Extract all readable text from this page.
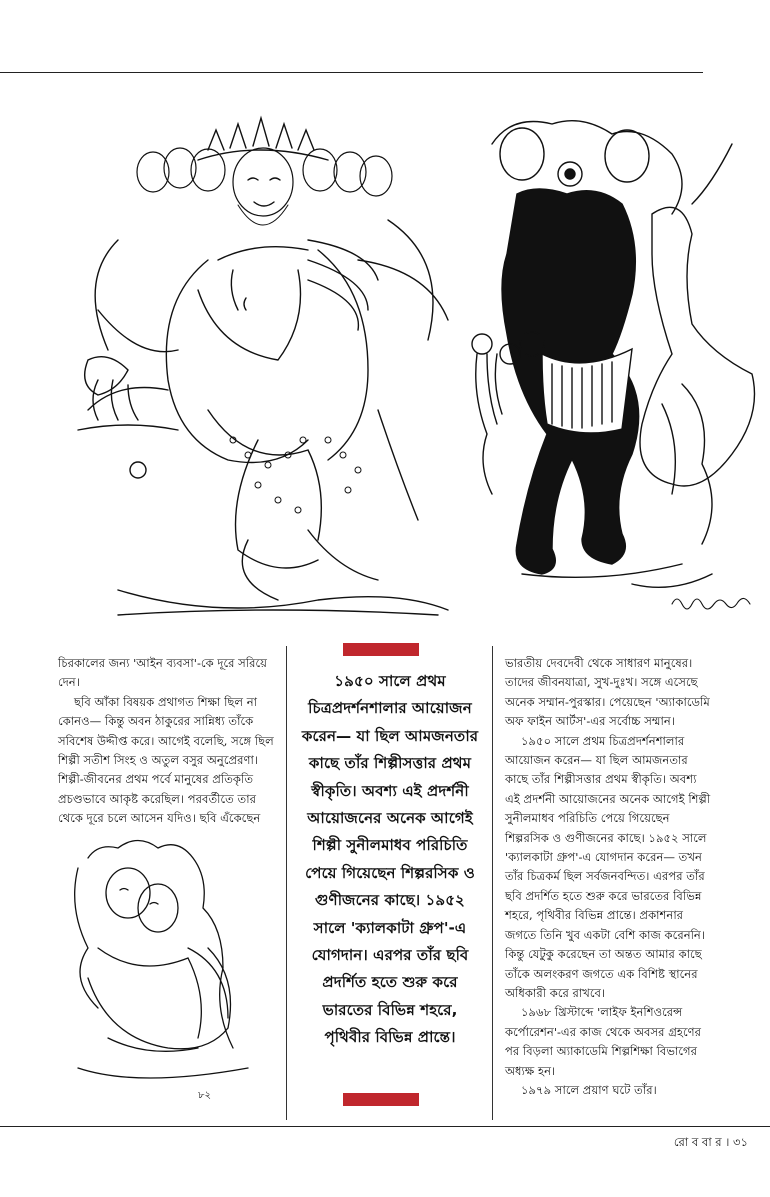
৮২

চিরকালের জন্য 'আইন ব্যবসা'-কে দূরে সরিয়ে দেন।

ছবি আঁকা বিষয়ক প্রথাগত শিক্ষা ছিল না কোনও— কিন্তু অবন ঠাকুরের সান্নিধ্য তাঁকে সবিশেষ উদ্দীপ্ত করে। আগেই বলেছি, সঙ্গে ছিল শিল্পী সতীশ সিংহ ও অতুল বসুর অনুপ্রেরণা। শিল্পী-জীবনের প্রথম পর্বে মানুষের প্রতিকৃতি প্রচণ্ডভাবে আকৃষ্ট করেছিল। পরবর্তীতে তার থেকে দূরে চলে আসেন যদিও। ছবি এঁকেছেন

১৯৫০ সালে প্রথম চিত্রপ্রদর্শনশালার আয়োজন করেন— যা ছিল আমজনতার কাছে তাঁর শিল্পীসত্তার প্রথম স্বীকৃতি। অবশ্য এই প্রদর্শনী আয়োজনের অনেক আগেই শিল্পী সুনীলমাধব পরিচিতি পেয়ে গিয়েছেন শিল্পরসিক ও গুণীজনের কাছে। ১৯৫২ সালে 'ক্যালকাটা গ্রুপ'-এ যোগদান। এরপর তাঁর ছবি প্রদর্শিত হতে শুরু করে ভারতের বিভিন্ন শহরে, পৃথিবীর বিভিন্ন প্রান্তে।

ভারতীয় দেবদেবী থেকে সাধারণ মানুষের। তাদের জীবনযাত্রা, সুখ-দুঃখ। সঙ্গে এসেছে অনেক সম্মান-পুরস্কার। পেয়েছেন 'অ্যাকাডেমি অফ ফাইন আর্টস'-এর সর্বোচ্চ সম্মান।

১৯৫০ সালে প্রথম চিত্রপ্রদর্শনশালার আয়োজন করেন— যা ছিল আমজনতার কাছে তাঁর শিল্পীসত্তার প্রথম স্বীকৃতি। অবশ্য এই প্রদর্শনী আয়োজনের অনেক আগেই শিল্পী সুনীলমাধব পরিচিতি পেয়ে গিয়েছেন শিল্পরসিক ও গুণীজনের কাছে। ১৯৫২ সালে 'ক্যালকাটা গ্রুপ'-এ যোগদান করেন— তখন তাঁর চিত্রকর্ম ছিল সর্বজনবন্দিত। এরপর তাঁর ছবি প্রদর্শিত হতে শুরু করে ভারতের বিভিন্ন শহরে, পৃথিবীর বিভিন্ন প্রান্তে। প্রকাশনার জগতে তিনি খুব একটা বেশি কাজ করেননি। কিন্তু যেটুকু করেছেন তা অন্তত আমার কাছে তাঁকে অলংকরণ জগতে এক বিশিষ্ট স্থানের অধিকারী করে রাখবে।

১৯৬৮ খ্রিস্টাব্দে 'লাইফ ইনশিওরেন্স কর্পোরেশন'-এর কাজ থেকে অবসর গ্রহণের পর বিড়লা অ্যাকাডেমি শিল্পশিক্ষা বিভাগের অধ্যক্ষ হন।

১৯৭৯ সালে প্রয়াণ ঘটে তাঁর।

রো ব বা র । ৩১
